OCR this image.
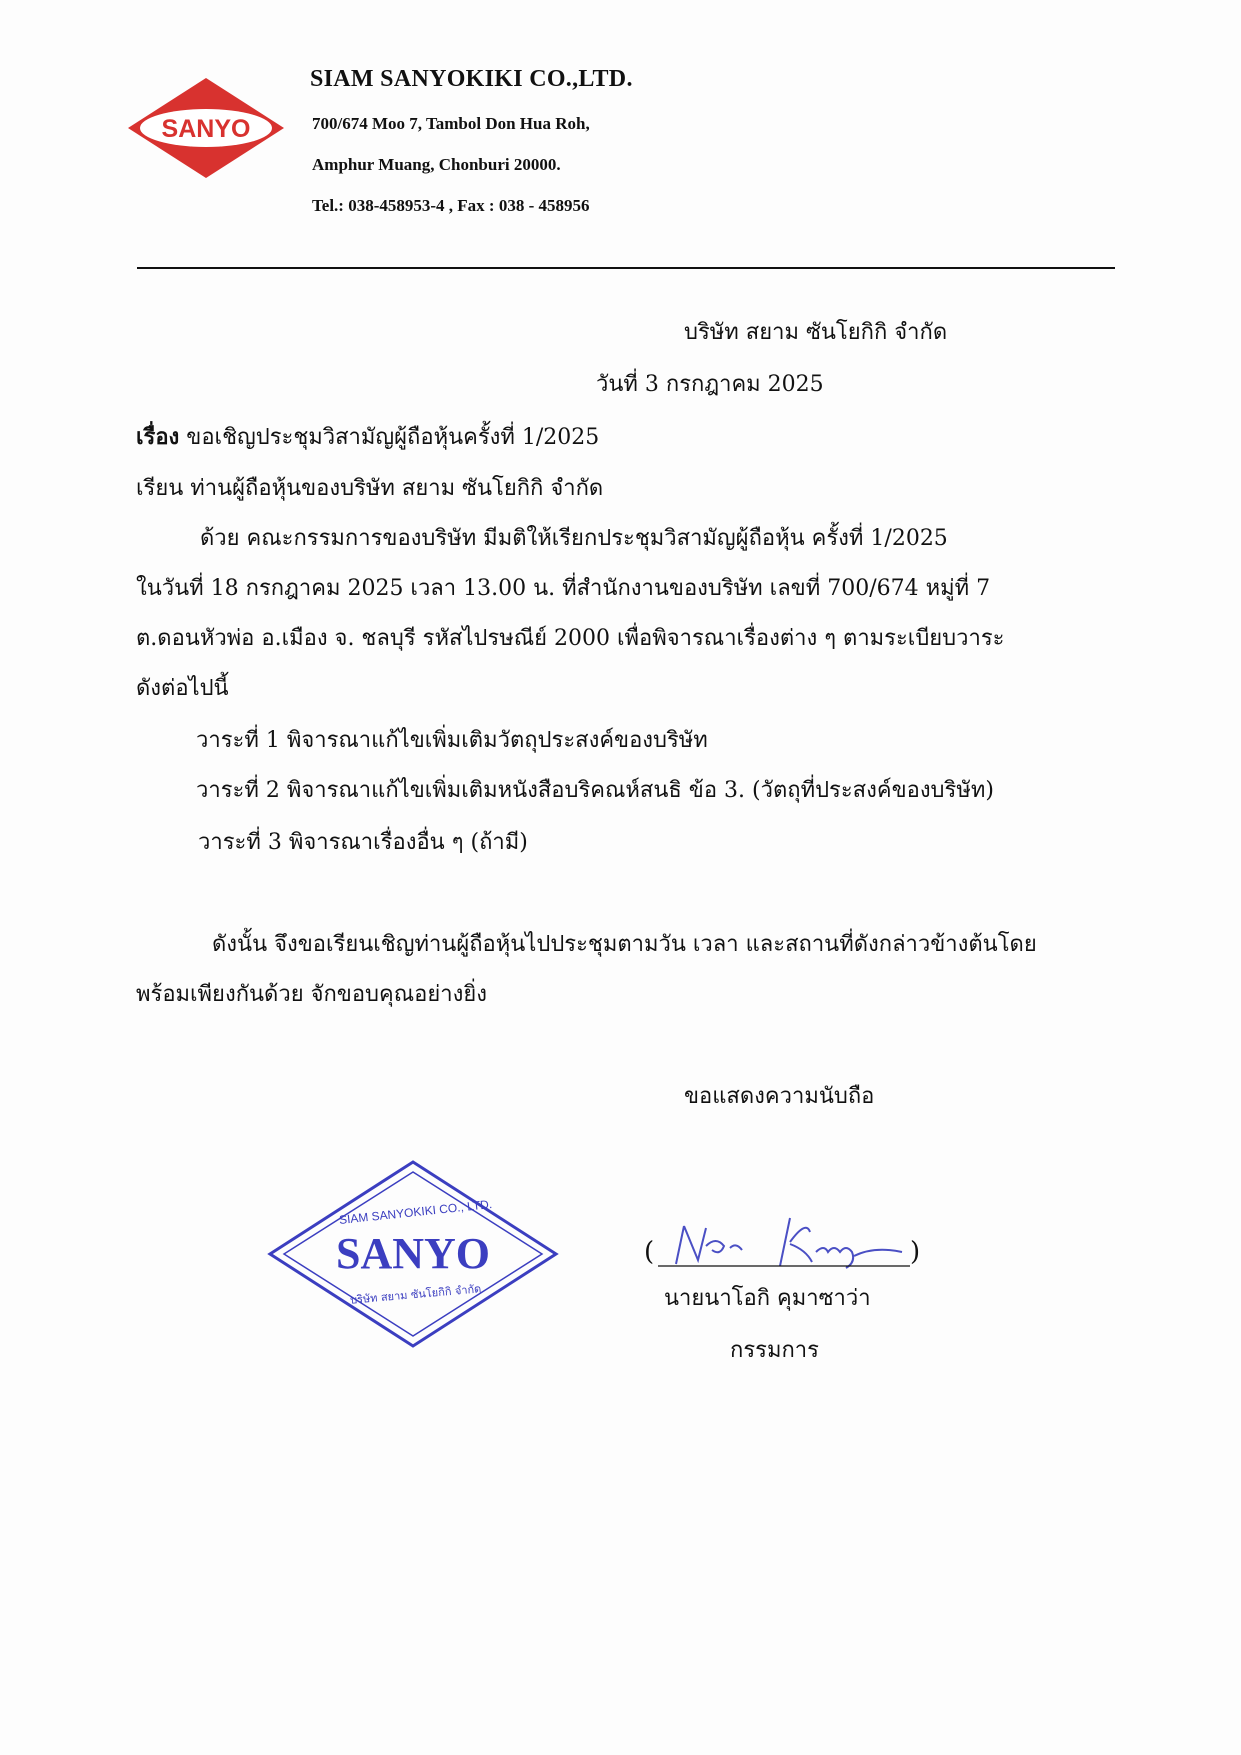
SANYO
SIAM SANYOKIKI CO.,LTD.
700/674 Moo 7, Tambol Don Hua Roh,
Amphur Muang, Chonburi 20000.
Tel.: 038-458953-4 , Fax : 038 - 458956
บริษัท สยาม ซันโยกิกิ จำกัด
วันที่ 3 กรกฎาคม 2025
เรื่อง ขอเชิญประชุมวิสามัญผู้ถือหุ้นครั้งที่ 1/2025
เรียน ท่านผู้ถือหุ้นของบริษัท สยาม ซันโยกิกิ จำกัด
ด้วย คณะกรรมการของบริษัท มีมติให้เรียกประชุมวิสามัญผู้ถือหุ้น ครั้งที่ 1/2025
ในวันที่ 18 กรกฎาคม 2025 เวลา 13.00 น. ที่สำนักงานของบริษัท เลขที่ 700/674 หมู่ที่ 7
ต.ดอนหัวพ่อ อ.เมือง จ. ชลบุรี รหัสไปรษณีย์ 2000 เพื่อพิจารณาเรื่องต่าง ๆ ตามระเบียบวาระ
ดังต่อไปนี้
วาระที่ 1 พิจารณาแก้ไขเพิ่มเติมวัตถุประสงค์ของบริษัท
วาระที่ 2 พิจารณาแก้ไขเพิ่มเติมหนังสือบริคณห์สนธิ ข้อ 3. (วัตถุที่ประสงค์ของบริษัท)
วาระที่ 3 พิจารณาเรื่องอื่น ๆ (ถ้ามี)
ดังนั้น จึงขอเรียนเชิญท่านผู้ถือหุ้นไปประชุมตามวัน เวลา และสถานที่ดังกล่าวข้างต้นโดย
พร้อมเพียงกันด้วย จักขอบคุณอย่างยิ่ง
ขอแสดงความนับถือ
SIAM SANYOKIKI CO., LTD.
SANYO
บริษัท สยาม ซันโยกิกิ จำกัด
(	)
นายนาโอกิ คุมาซาว่า
กรรมการ
